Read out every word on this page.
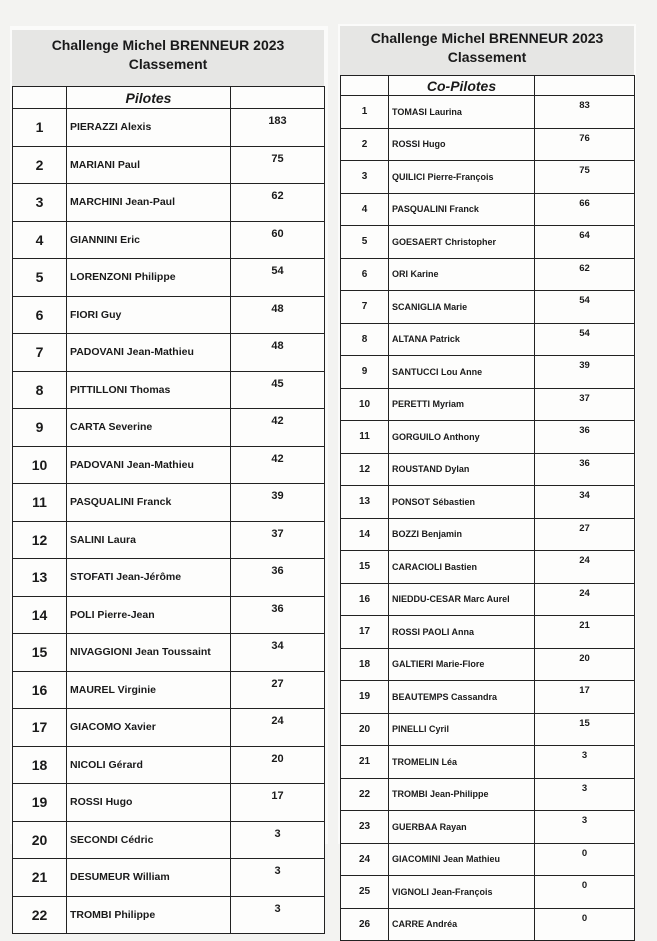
Challenge Michel BRENNEUR 2023
Classement
	Pilotes	
1	PIERAZZI Alexis	183
2	MARIANI Paul	75
3	MARCHINI Jean-Paul	62
4	GIANNINI Eric	60
5	LORENZONI Philippe	54
6	FIORI Guy	48
7	PADOVANI Jean-Mathieu	48
8	PITTILLONI Thomas	45
9	CARTA Severine	42
10	PADOVANI Jean-Mathieu	42
11	PASQUALINI Franck	39
12	SALINI Laura	37
13	STOFATI Jean-Jérôme	36
14	POLI Pierre-Jean	36
15	NIVAGGIONI Jean Toussaint	34
16	MAUREL Virginie	27
17	GIACOMO Xavier	24
18	NICOLI Gérard	20
19	ROSSI Hugo	17
20	SECONDI Cédric	3
21	DESUMEUR William	3
22	TROMBI Philippe	3
Challenge Michel BRENNEUR 2023
Classement
	Co-Pilotes	
1	TOMASI Laurina	83
2	ROSSI Hugo	76
3	QUILICI Pierre-François	75
4	PASQUALINI Franck	66
5	GOESAERT Christopher	64
6	ORI Karine	62
7	SCANIGLIA Marie	54
8	ALTANA Patrick	54
9	SANTUCCI Lou Anne	39
10	PERETTI Myriam	37
11	GORGUILO Anthony	36
12	ROUSTAND Dylan	36
13	PONSOT Sébastien	34
14	BOZZI Benjamin	27
15	CARACIOLI Bastien	24
16	NIEDDU-CESAR Marc Aurel	24
17	ROSSI PAOLI Anna	21
18	GALTIERI Marie-Flore	20
19	BEAUTEMPS Cassandra	17
20	PINELLI Cyril	15
21	TROMELIN Léa	3
22	TROMBI Jean-Philippe	3
23	GUERBAA Rayan	3
24	GIACOMINI Jean Mathieu	0
25	VIGNOLI Jean-François	0
26	CARRE Andréa	0
